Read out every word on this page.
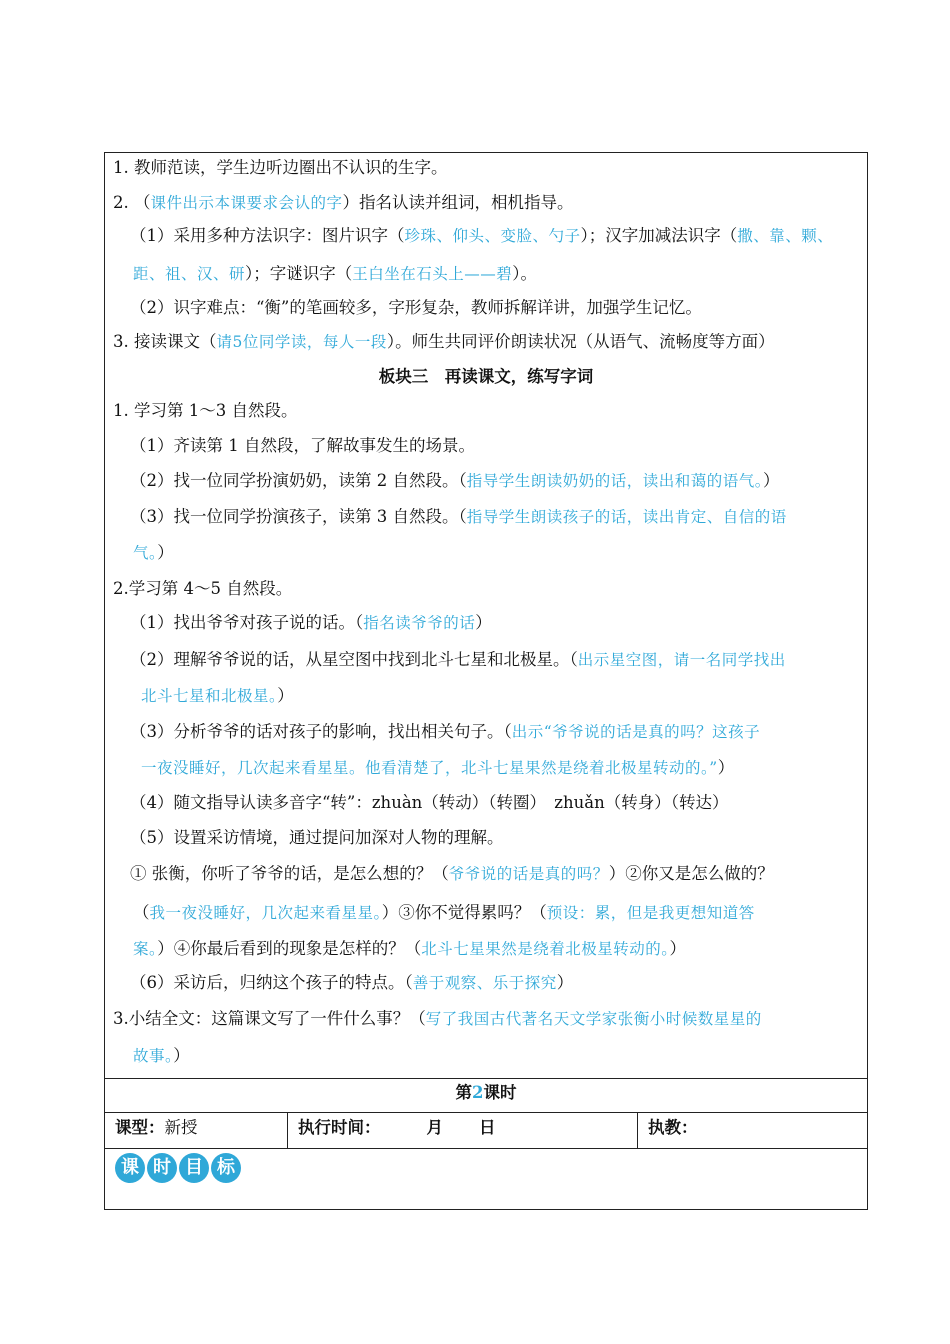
1. 教师范读，学生边听边圈出不认识的生字。
2. （课件出示本课要求会认的字）指名认读并组词，相机指导。
（1）采用多种方法识字：图片识字（珍珠、仰头、变脸、勺子）；汉字加减法识字（撒、靠、颗、
距、祖、汉、研）；字谜识字（王白坐在石头上——碧）。
（2）识字难点：“衡”的笔画较多，字形复杂，教师拆解详讲，加强学生记忆。
3. 接读课文（请5位同学读，每人一段）。师生共同评价朗读状况（从语气、流畅度等方面）
板块三　再读课文，练写字词
1. 学习第 1～3 自然段。
（1）齐读第 1 自然段，了解故事发生的场景。
（2）找一位同学扮演奶奶，读第 2 自然段。（指导学生朗读奶奶的话，读出和蔼的语气。）
（3）找一位同学扮演孩子，读第 3 自然段。（指导学生朗读孩子的话，读出肯定、自信的语
气。）
2.学习第 4～5 自然段。
（1）找出爷爷对孩子说的话。（指名读爷爷的话）
（2）理解爷爷说的话，从星空图中找到北斗七星和北极星。（出示星空图，请一名同学找出
北斗七星和北极星。）
（3）分析爷爷的话对孩子的影响，找出相关句子。（出示“爷爷说的话是真的吗？这孩子
一夜没睡好，几次起来看星星。他看清楚了，北斗七星果然是绕着北极星转动的。”）
（4）随文指导认读多音字“转”：zhuàn（转动）（转圈）　zhuǎn（转身）（转达）
（5）设置采访情境，通过提问加深对人物的理解。
① 张衡，你听了爷爷的话，是怎么想的？（爷爷说的话是真的吗？）②你又是怎么做的？
（我一夜没睡好，几次起来看星星。）③你不觉得累吗？（预设：累，但是我更想知道答
案。）④你最后看到的现象是怎样的？（北斗七星果然是绕着北极星转动的。）
（6）采访后，归纳这个孩子的特点。（善于观察、乐于探究）
3.小结全文：这篇课文写了一件什么事？（写了我国古代著名天文学家张衡小时候数星星的
故事。）
第2课时
课型：新授	执行时间：	月 日	执教：
课 时 目 标
